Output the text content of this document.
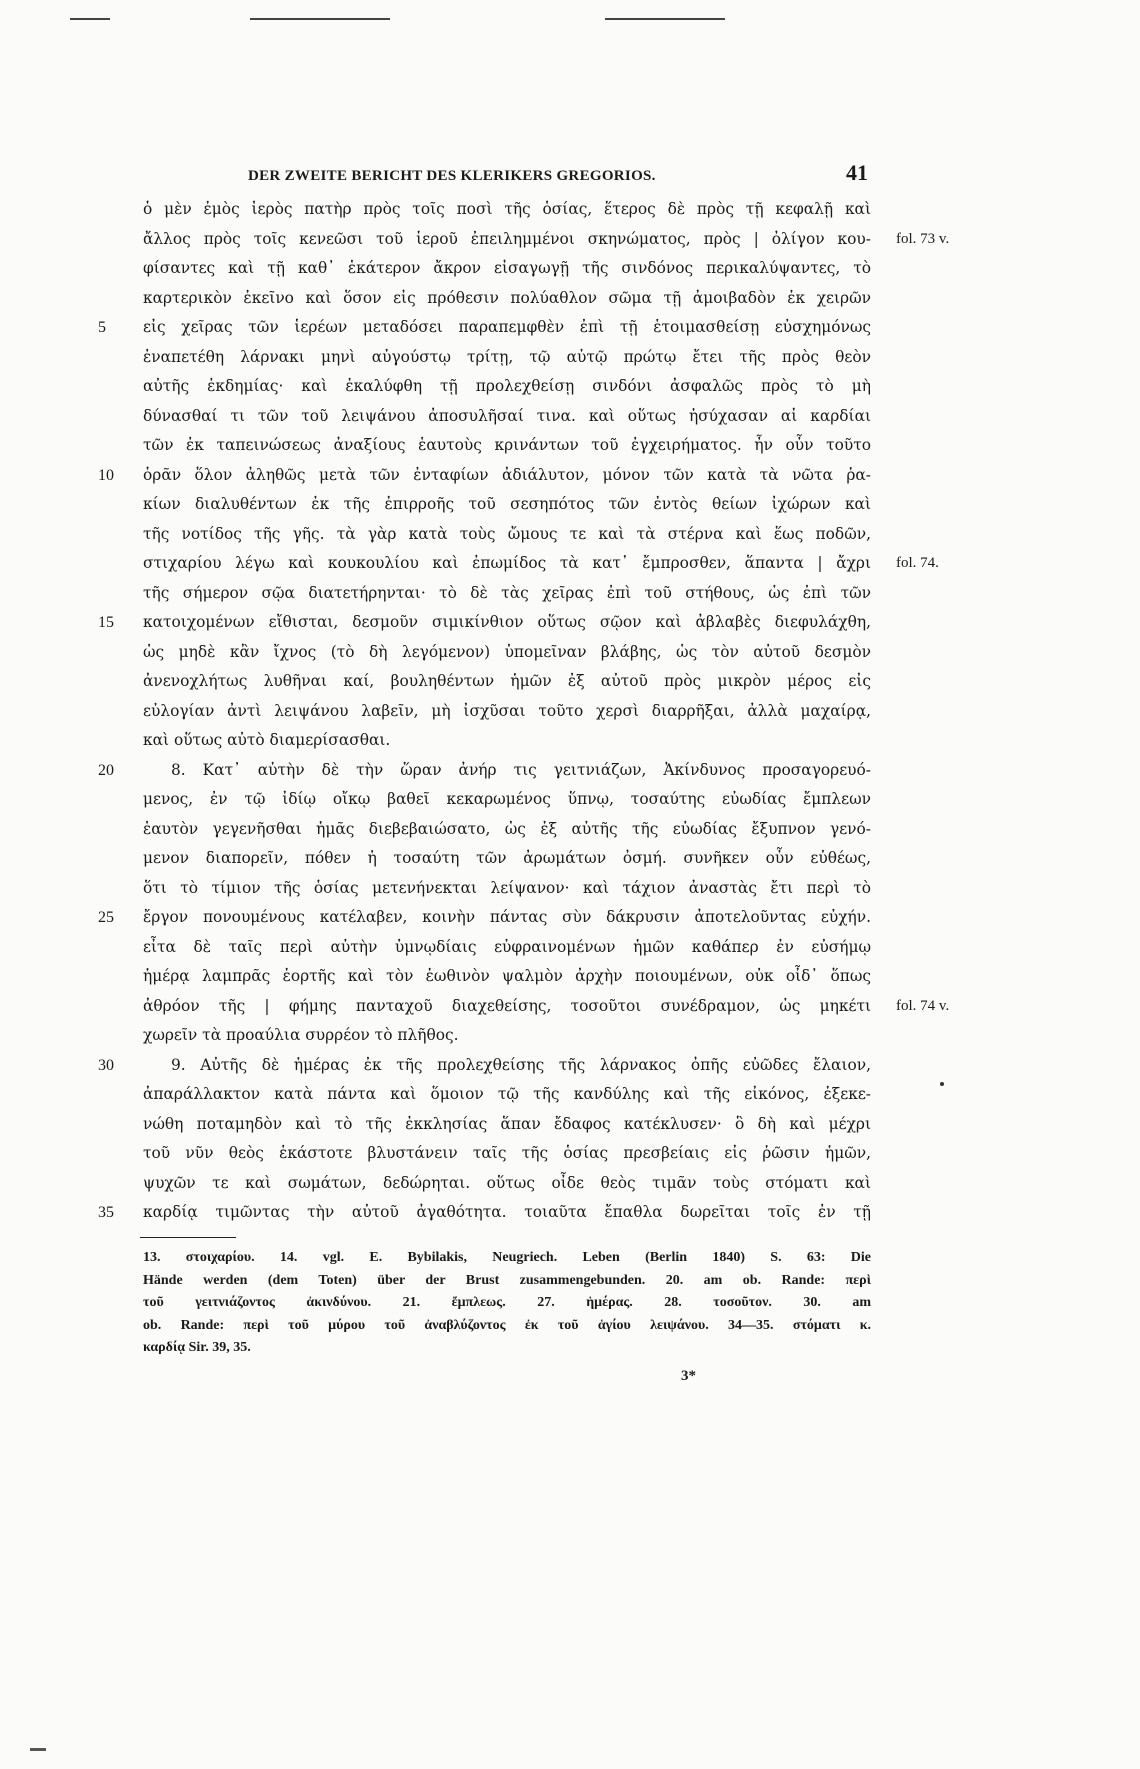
DER ZWEITE BERICHT DES KLERIKERS GREGORIOS.	41
ὁ μὲν ἐμὸς ἱερὸς πατὴρ πρὸς τοῖς ποσὶ τῆς ὁσίας, ἕτερος δὲ πρὸς τῇ κεφαλῇ καὶ
ἄλλος πρὸς τοῖς κενεῶσι τοῦ ἱεροῦ ἐπειλημμένοι σκηνώματος, πρὸς | ὀλίγον κου- fol. 73 v.
φίσαντες καὶ τῇ καθ᾽ ἑκάτερον ἄκρον εἰσαγωγῇ τῆς σινδόνος περικαλύψαντες, τὸ
καρτερικὸν ἐκεῖνο καὶ ὅσον εἰς πρόθεσιν πολύαθλον σῶμα τῇ ἀμοιβαδὸν ἐκ χειρῶν
5	εἰς χεῖρας τῶν ἱερέων μεταδόσει παραπεμφθὲν ἐπὶ τῇ ἑτοιμασθείσῃ εὐσχημόνως
ἐναπετέθη λάρνακι μηνὶ αὐγούστῳ τρίτῃ, τῷ αὐτῷ πρώτῳ ἔτει τῆς πρὸς θεὸν
αὐτῆς ἐκδημίας· καὶ ἐκαλύφθη τῇ προλεχθείσῃ σινδόνι ἀσφαλῶς πρὸς τὸ μὴ
δύνασθαί τι τῶν τοῦ λειψάνου ἀποσυλῆσαί τινα. καὶ οὕτως ἡσύχασαν αἱ καρδίαι
τῶν ἐκ ταπεινώσεως ἀναξίους ἑαυτοὺς κρινάντων τοῦ ἐγχειρήματος. ἦν οὖν τοῦτο
10	ὁρᾶν ὅλον ἀληθῶς μετὰ τῶν ἐνταφίων ἀδιάλυτον, μόνον τῶν κατὰ τὰ νῶτα ῥα-
κίων διαλυθέντων ἐκ τῆς ἐπιρροῆς τοῦ σεσηπότος τῶν ἐντὸς θείων ἰχώρων καὶ
τῆς νοτίδος τῆς γῆς. τὰ γὰρ κατὰ τοὺς ὤμους τε καὶ τὰ στέρνα καὶ ἕως ποδῶν,
στιχαρίου λέγω καὶ κουκουλίου καὶ ἐπωμίδος τὰ κατ᾽ ἔμπροσθεν, ἅπαντα | ἄχρι fol. 74.
τῆς σήμερον σῷα διατετήρηνται· τὸ δὲ τὰς χεῖρας ἐπὶ τοῦ στήθους, ὡς ἐπὶ τῶν
15	κατοιχομένων εἴθισται, δεσμοῦν σιμικίνθιον οὕτως σῷον καὶ ἀβλαβὲς διεφυλάχθη,
ὡς μηδὲ κἂν ἴχνος (τὸ δὴ λεγόμενον) ὑπομεῖναν βλάβης, ὡς τὸν αὐτοῦ δεσμὸν
ἀνενοχλήτως λυθῆναι καί, βουληθέντων ἡμῶν ἐξ αὐτοῦ πρὸς μικρὸν μέρος εἰς
εὐλογίαν ἀντὶ λειψάνου λαβεῖν, μὴ ἰσχῦσαι τοῦτο χερσὶ διαρρῆξαι, ἀλλὰ μαχαίρᾳ,
καὶ οὕτως αὐτὸ διαμερίσασθαι.
20	8. Κατ᾽ αὐτὴν δὲ τὴν ὥραν ἀνήρ τις γειτνιάζων, Ἀκίνδυνος προσαγορευό-
μενος, ἐν τῷ ἰδίῳ οἴκῳ βαθεῖ κεκαρωμένος ὕπνῳ, τοσαύτης εὐωδίας ἔμπλεων
ἑαυτὸν γεγενῆσθαι ἡμᾶς διεβεβαιώσατο, ὡς ἐξ αὐτῆς τῆς εὐωδίας ἔξυπνον γενό-
μενον διαπορεῖν, πόθεν ἡ τοσαύτη τῶν ἀρωμάτων ὀσμή. συνῆκεν οὖν εὐθέως,
ὅτι τὸ τίμιον τῆς ὁσίας μετενήνεκται λείψανον· καὶ τάχιον ἀναστὰς ἔτι περὶ τὸ
25	ἔργον πονουμένους κατέλαβεν, κοινὴν πάντας σὺν δάκρυσιν ἀποτελοῦντας εὐχήν.
εἶτα δὲ ταῖς περὶ αὐτὴν ὑμνῳδίαις εὐφραινομένων ἡμῶν καθάπερ ἐν εὐσήμῳ
ἡμέρᾳ λαμπρᾶς ἑορτῆς καὶ τὸν ἑωθινὸν ψαλμὸν ἀρχὴν ποιουμένων, οὐκ οἶδ᾽ ὅπως
ἀθρόον τῆς | φήμης πανταχοῦ διαχεθείσης, τοσοῦτοι συνέδραμον, ὡς μηκέτι fol. 74 v.
χωρεῖν τὰ προαύλια συρρέον τὸ πλῆθος.
30	9. Αὐτῆς δὲ ἡμέρας ἐκ τῆς προλεχθείσης τῆς λάρνακος ὀπῆς εὐῶδες ἔλαιον,
ἀπαράλλακτον κατὰ πάντα καὶ ὅμοιον τῷ τῆς κανδύλης καὶ τῆς εἰκόνος, ἐξεκε-
νώθη ποταμηδὸν καὶ τὸ τῆς ἐκκλησίας ἅπαν ἔδαφος κατέκλυσεν· ὃ δὴ καὶ μέχρι
τοῦ νῦν θεὸς ἑκάστοτε βλυστάνειν ταῖς τῆς ὁσίας πρεσβείαις εἰς ῥῶσιν ἡμῶν,
ψυχῶν τε καὶ σωμάτων, δεδώρηται. οὕτως οἶδε θεὸς τιμᾶν τοὺς στόματι καὶ
35	καρδίᾳ τιμῶντας τὴν αὐτοῦ ἀγαθότητα. τοιαῦτα ἔπαθλα δωρεῖται τοῖς ἐν τῇ
13. στοιχαρίου. 14. vgl. E. Bybilakis, Neugriech. Leben (Berlin 1840) S. 63: Die
Hände werden (dem Toten) über der Brust zusammengebunden. 20. am ob. Rande: περὶ
τοῦ γειτνιάζοντος ἀκινδύνου. 21. ἔμπλεως. 27. ἡμέρας. 28. τοσοῦτον. 30. am
ob. Rande: περὶ τοῦ μύρου τοῦ ἀναβλύζοντος ἐκ τοῦ ἁγίου λειψάνου. 34—35. στόματι κ.
καρδίᾳ Sir. 39, 35.
3*
